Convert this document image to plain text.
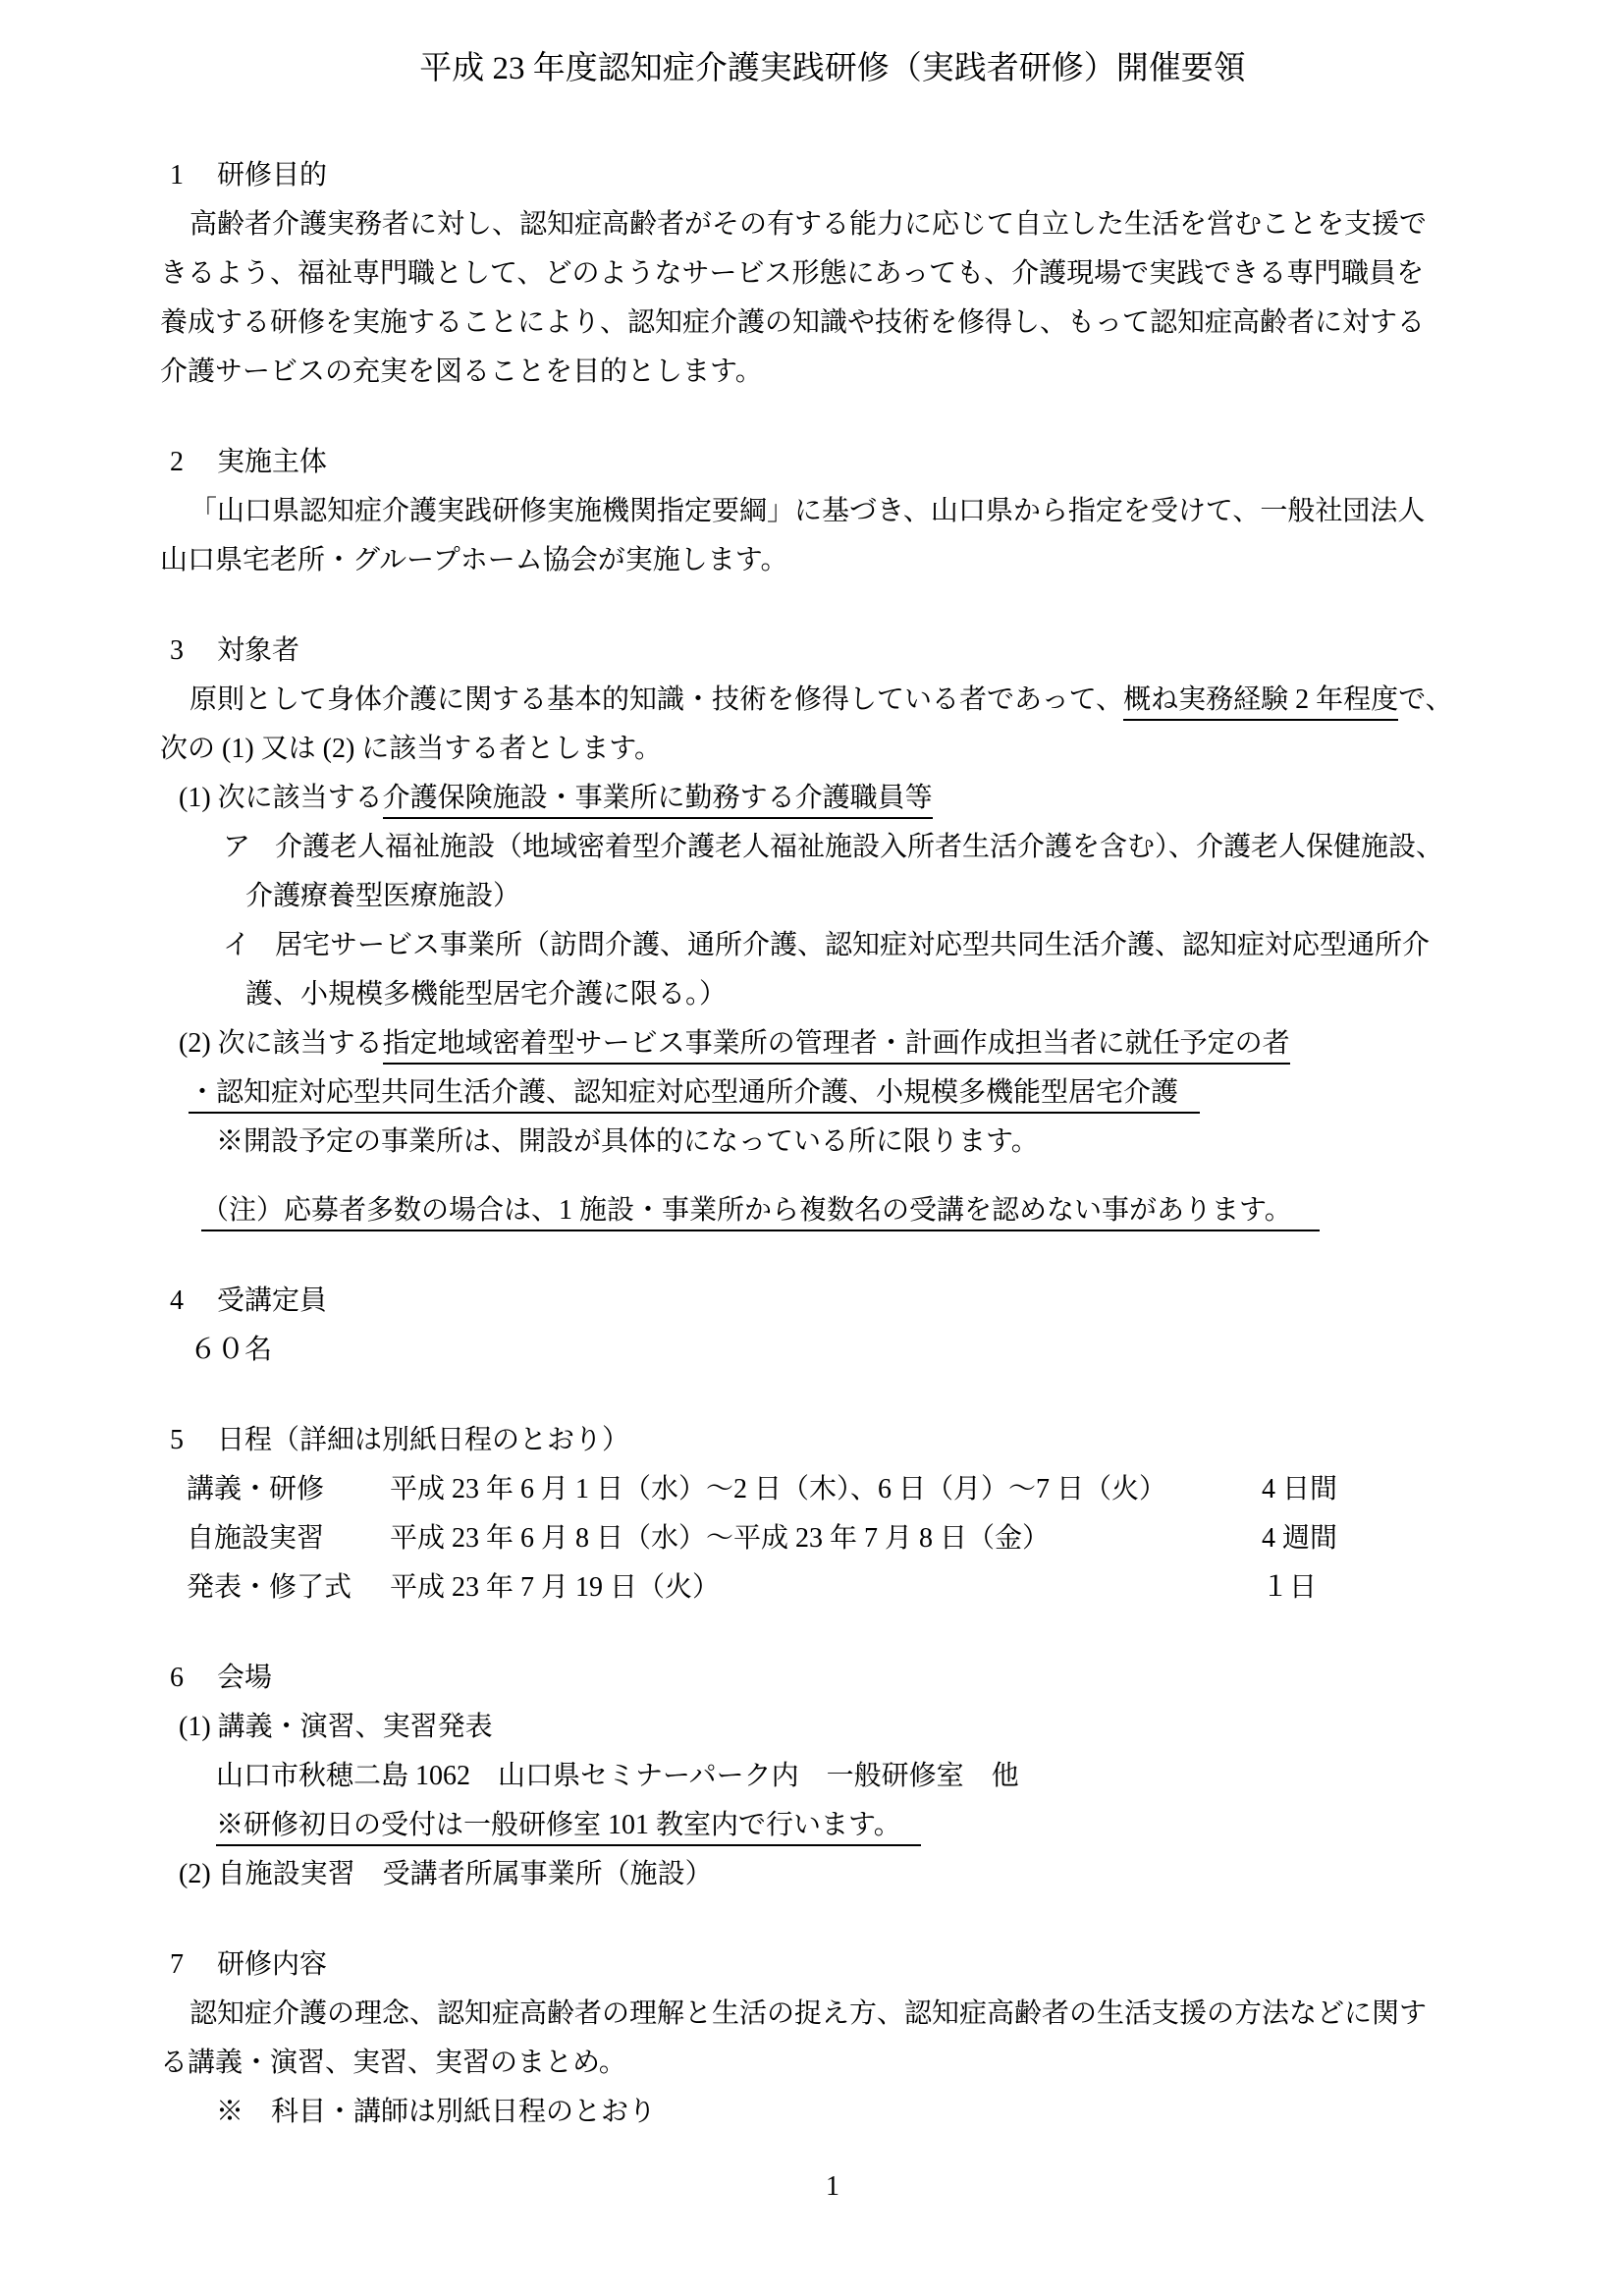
平成 23 年度認知症介護実践研修（実践者研修）開催要領
1 研修目的
高齢者介護実務者に対し、認知症高齢者がその有する能力に応じて自立した生活を営むことを支援で
きるよう、福祉専門職として、どのようなサービス形態にあっても、介護現場で実践できる専門職員を
養成する研修を実施することにより、認知症介護の知識や技術を修得し、もって認知症高齢者に対する
介護サービスの充実を図ることを目的とします。
2 実施主体
「山口県認知症介護実践研修実施機関指定要綱」に基づき、山口県から指定を受けて、一般社団法人
山口県宅老所・グループホーム協会が実施します。
3 対象者
原則として身体介護に関する基本的知識・技術を修得している者であって、概ね実務経験 2 年程度で、
次の (1) 又は (2) に該当する者とします。
(1) 次に該当する介護保険施設・事業所に勤務する介護職員等
ア 介護老人福祉施設（地域密着型介護老人福祉施設入所者生活介護を含む）、介護老人保健施設、
介護療養型医療施設）
イ 居宅サービス事業所（訪問介護、通所介護、認知症対応型共同生活介護、認知症対応型通所介
護、小規模多機能型居宅介護に限る。）
(2) 次に該当する指定地域密着型サービス事業所の管理者・計画作成担当者に就任予定の者
・認知症対応型共同生活介護、認知症対応型通所介護、小規模多機能型居宅介護
※開設予定の事業所は、開設が具体的になっている所に限ります。
（注）応募者多数の場合は、1 施設・事業所から複数名の受講を認めない事があります。
4 受講定員
６０名
5 日程（詳細は別紙日程のとおり）
講義・研修	平成 23 年 6 月 1 日（水）～2 日（木）、6 日（月）～7 日（火）	4 日間
自施設実習	平成 23 年 6 月 8 日（水）～平成 23 年 7 月 8 日（金）	4 週間
発表・修了式	平成 23 年 7 月 19 日（火）	１日
6 会場
(1) 講義・演習、実習発表
山口市秋穂二島 1062　山口県セミナーパーク内　一般研修室　他
※研修初日の受付は一般研修室 101 教室内で行います。
(2) 自施設実習　受講者所属事業所（施設）
7 研修内容
認知症介護の理念、認知症高齢者の理解と生活の捉え方、認知症高齢者の生活支援の方法などに関す
る講義・演習、実習、実習のまとめ。
※　科目・講師は別紙日程のとおり
1
